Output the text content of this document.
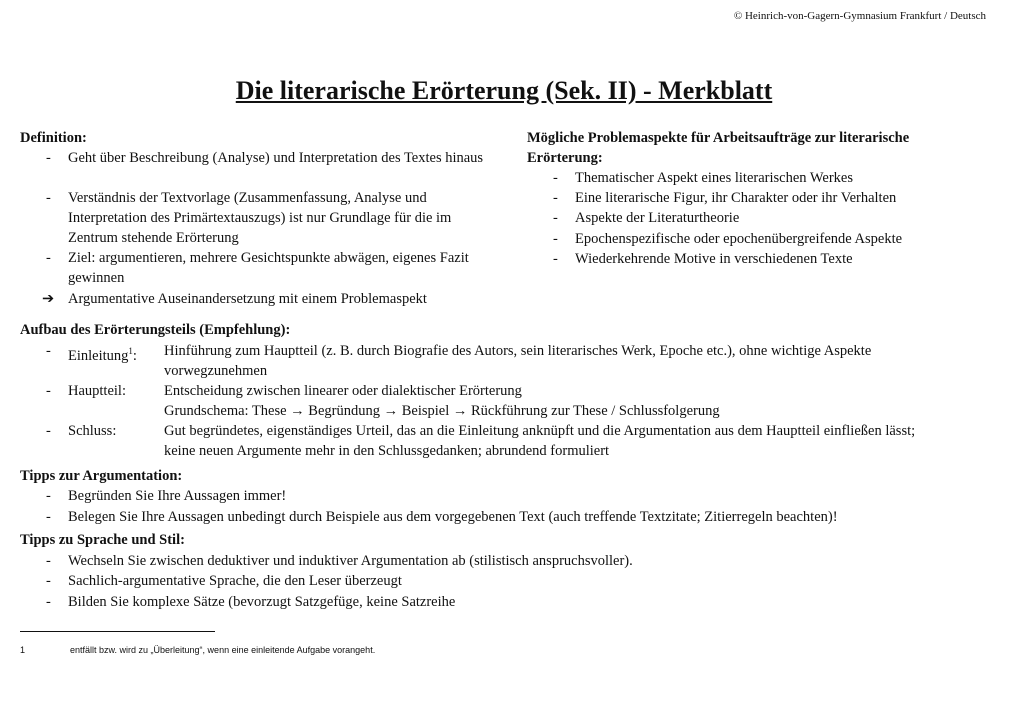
© Heinrich-von-Gagern-Gymnasium Frankfurt / Deutsch
Die literarische Erörterung (Sek. II) - Merkblatt
Definition:
- Geht über Beschreibung (Analyse) und Interpretation des Textes hinaus
- Verständnis der Textvorlage (Zusammenfassung, Analyse und Interpretation des Primärtextauszugs) ist nur Grundlage für die im Zentrum stehende Erörterung
- Ziel: argumentieren, mehrere Gesichtspunkte abwägen, eigenes Fazit gewinnen
➔ Argumentative Auseinandersetzung mit einem Problemaspekt
Mögliche Problemaspekte für Arbeitsaufträge zur literarische Erörterung:
- Thematischer Aspekt eines literarischen Werkes
- Eine literarische Figur, ihr Charakter oder ihr Verhalten
- Aspekte der Literaturtheorie
- Epochenspezifische oder epochenübergreifende Aspekte
- Wiederkehrende Motive in verschiedenen Texte
Aufbau des Erörterungsteils (Empfehlung):
- Einleitung$^1$: Hinführung zum Hauptteil (z. B. durch Biografie des Autors, sein literarisches Werk, Epoche etc.), ohne wichtige Aspekte
vorwegzunehmen
- Hauptteil:	Entscheidung zwischen linearer oder dialektischer Erörterung
Grundschema: These → Begründung → Beispiel → Rückführung zur These / Schlussfolgerung
- Schluss:	Gut begründetes, eigenständiges Urteil, das an die Einleitung anknüpft und die Argumentation aus dem Hauptteil einfließen lässt;
keine neuen Argumente mehr in den Schlussgedanken; abrundend formuliert
Tipps zur Argumentation:
- Begründen Sie Ihre Aussagen immer!
- Belegen Sie Ihre Aussagen unbedingt durch Beispiele aus dem vorgegebenen Text (auch treffende Textzitate; Zitierregeln beachten)!
Tipps zu Sprache und Stil:
- Wechseln Sie zwischen deduktiver und induktiver Argumentation ab (stilistisch anspruchsvoller).
- Sachlich-argumentative Sprache, die den Leser überzeugt
- Bilden Sie komplexe Sätze (bevorzugt Satzgefüge, keine Satzreihe
1	entfällt bzw. wird zu „Überleitung“, wenn eine einleitende Aufgabe vorangeht.
